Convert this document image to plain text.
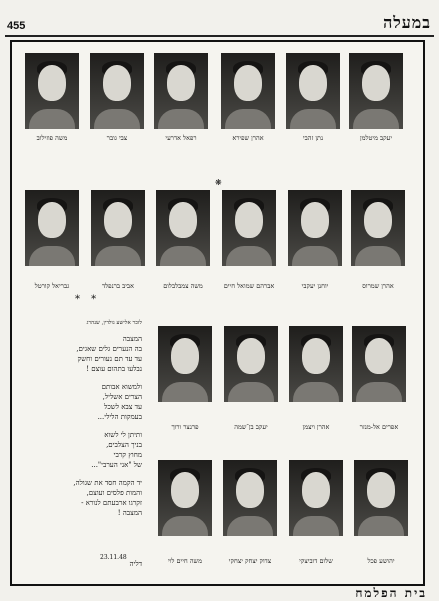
455	במעלה
יעקב מיטלמן
נתן זהבי
אהרן שפירא
רפאל אדרעי
צבי גובר
משה פוזילוב
אהרן שמרוס
יוחנן יעקבי
אברהם שמואל חיים
משה צמבלבלום
אביב ברנפלד
גבריאל קורטל
אפרים אל-מנזר
אהרן ויצמן
יעקב בן־שמה
פרנצר ורוך
יהושע פכל
שלום דוביצקי
צדוק יצחק יצחקי
משה חיים לוי
❋
* *
לזכר אלישע גולדין, שנהרג
המצבה
בה הנערים גלים שאגים,
עד עד תם נעורים וחשק
נבלעו בתהום עוצם !
ולמשוא אבותם
הצרים אשליל,
עד צבא לשכל
בעמקות הלילי...
ותיתן לי לשוא
בניך הצלבים,
מחוץ קרבי
של "אני הערבי"...
יד הקמה חסד את שגולה,
והמות פלסים ועוצם,
זקרגו ארבעתם לנורא -
המצבה !
23.11.48
דליה
בית הפלמח
